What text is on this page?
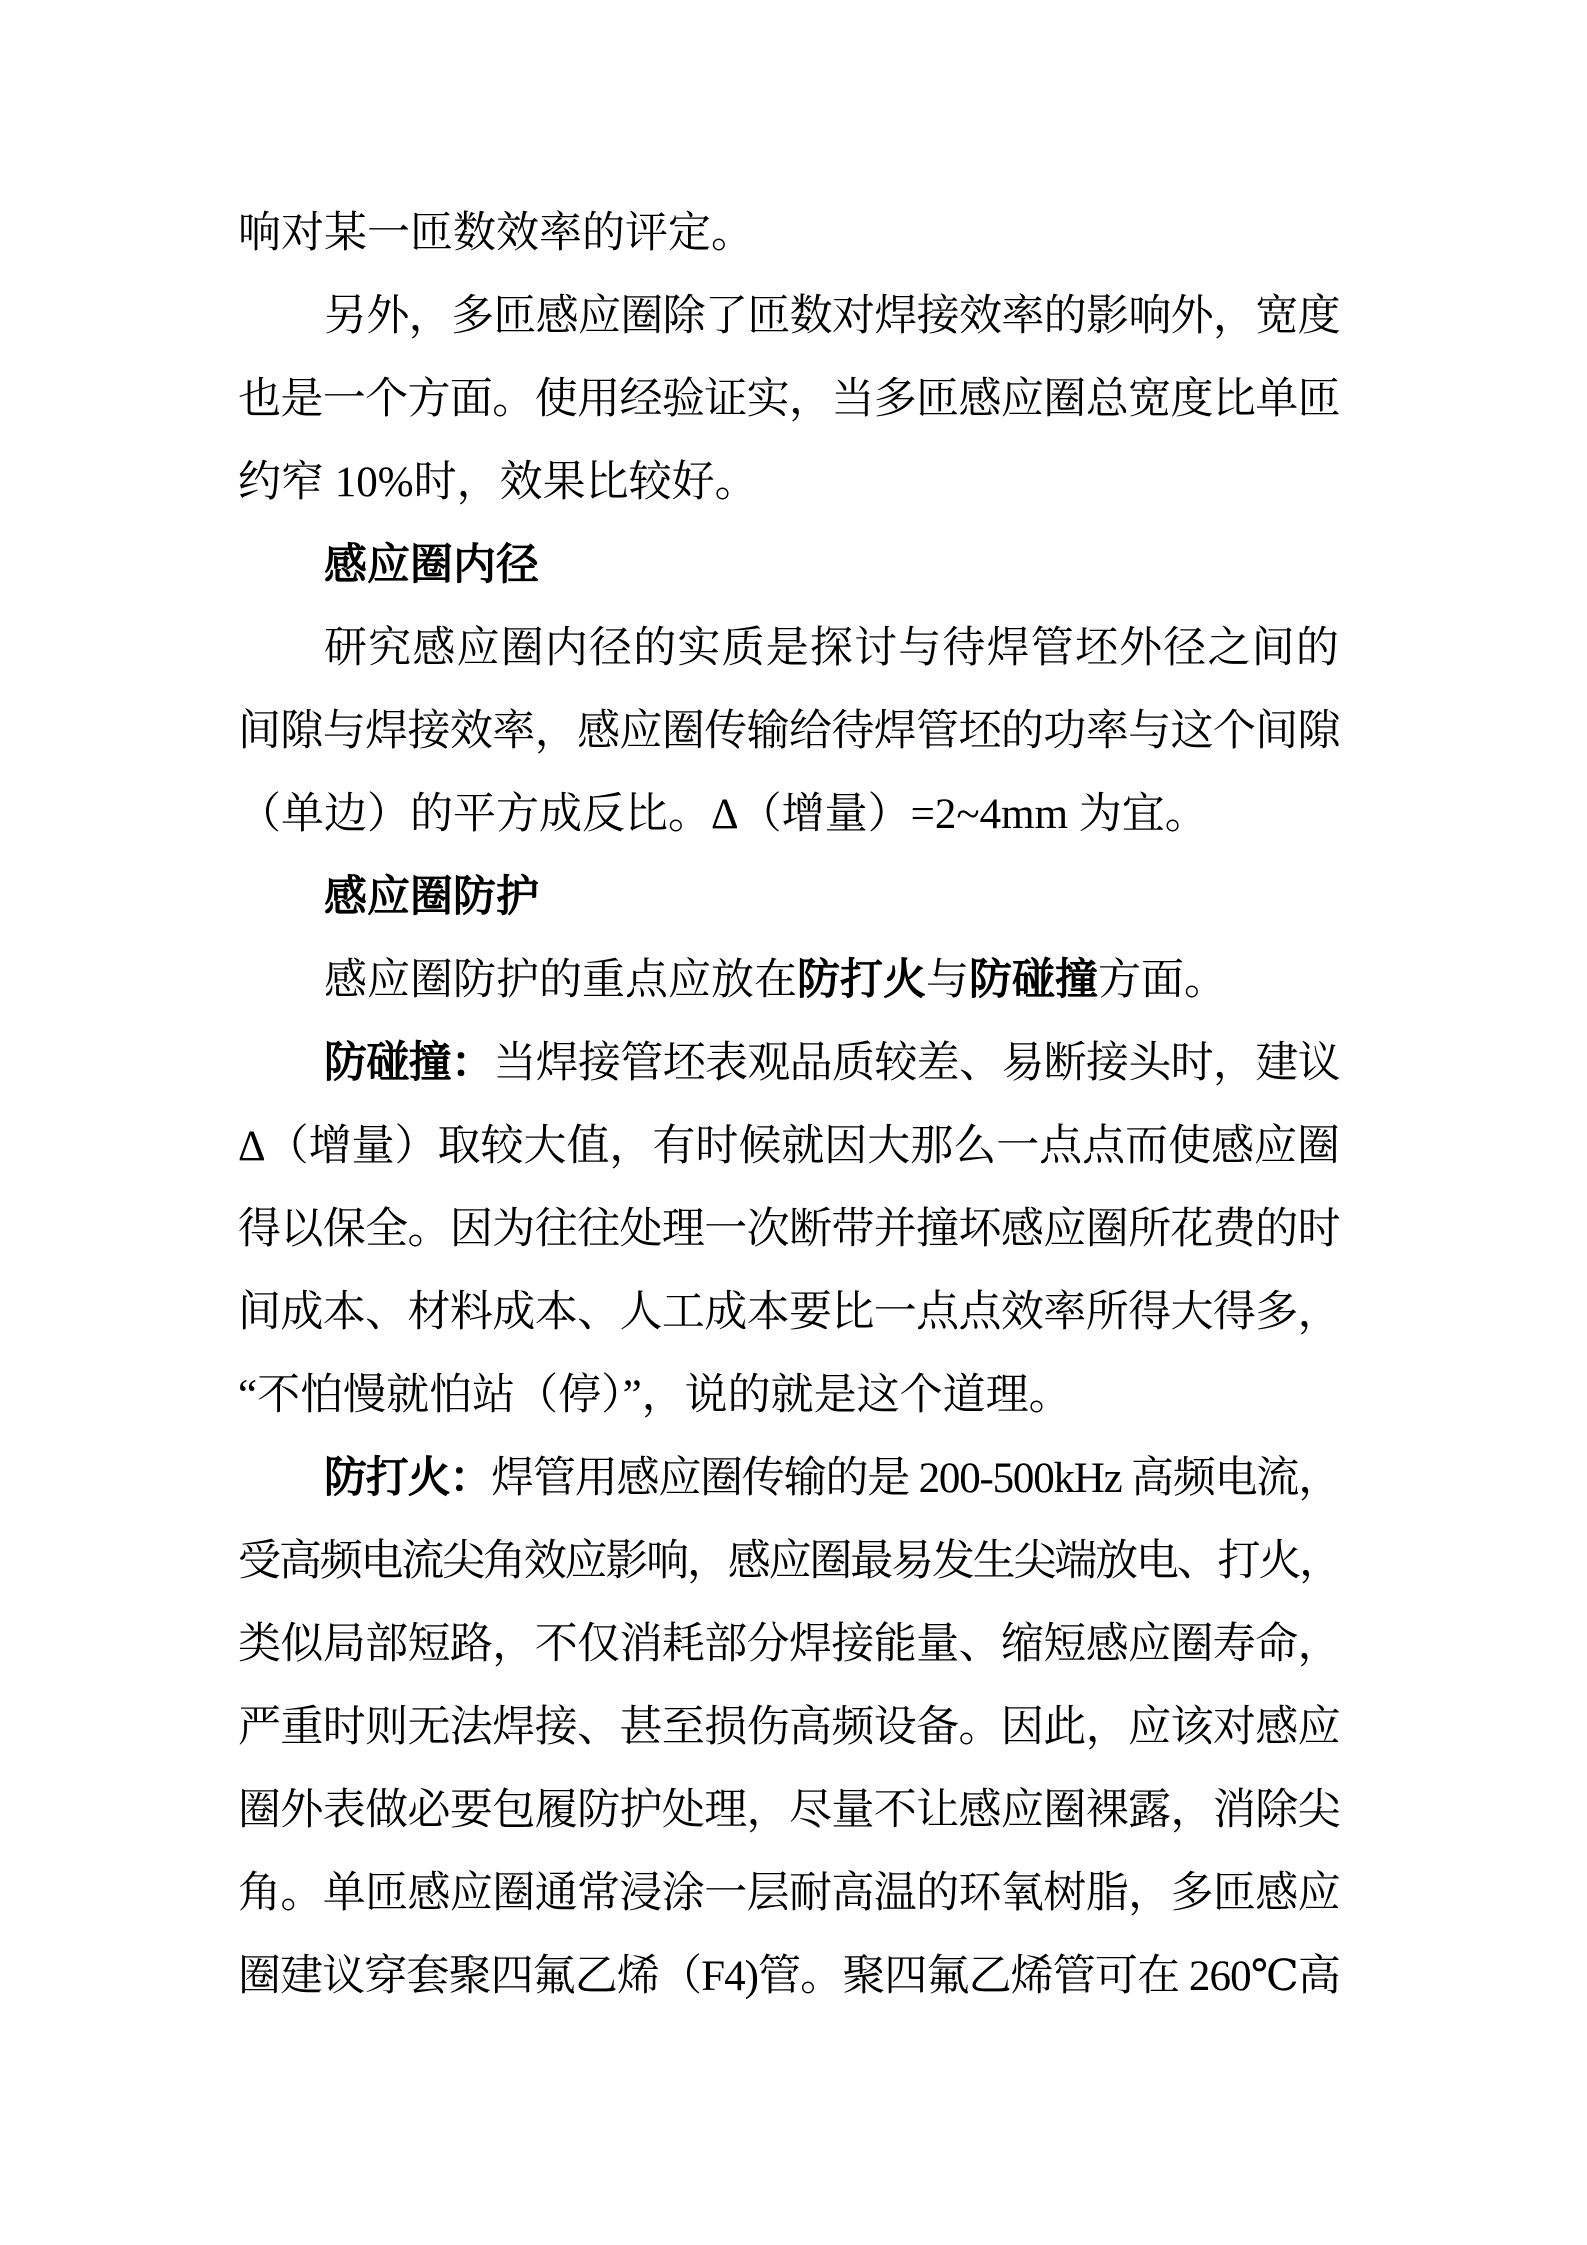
响对某一匝数效率的评定。
另外，多匝感应圈除了匝数对焊接效率的影响外，宽度
也是一个方面。使用经验证实，当多匝感应圈总宽度比单匝
约窄 10%时，效果比较好。
感应圈内径
研究感应圈内径的实质是探讨与待焊管坯外径之间的
间隙与焊接效率，感应圈传输给待焊管坯的功率与这个间隙
（单边）的平方成反比。Δ（增量）=2~4mm 为宜。
感应圈防护
感应圈防护的重点应放在防打火与防碰撞方面。
防碰撞：当焊接管坯表观品质较差、易断接头时，建议
Δ（增量）取较大值，有时候就因大那么一点点而使感应圈
得以保全。因为往往处理一次断带并撞坏感应圈所花费的时
间成本、材料成本、人工成本要比一点点效率所得大得多，
“不怕慢就怕站（停）”，说的就是这个道理。
防打火：焊管用感应圈传输的是 200-500kHz 高频电流，
受高频电流尖角效应影响，感应圈最易发生尖端放电、打火，
类似局部短路，不仅消耗部分焊接能量、缩短感应圈寿命，
严重时则无法焊接、甚至损伤高频设备。因此，应该对感应
圈外表做必要包履防护处理，尽量不让感应圈裸露，消除尖
角。单匝感应圈通常浸涂一层耐高温的环氧树脂，多匝感应
圈建议穿套聚四氟乙烯（F4)管。聚四氟乙烯管可在 260℃高
